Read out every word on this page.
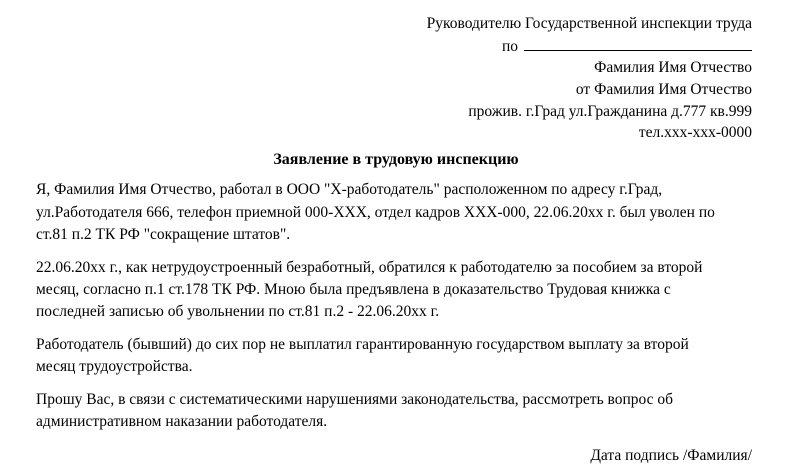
Руководителю Государственной инспекции труда
по
Фамилия Имя Отчество
от Фамилия Имя Отчество
прожив. г.Град ул.Гражданина д.777 кв.999
тел.xxx-xxx-0000
Заявление в трудовую инспекцию
Я, Фамилия Имя Отчество, работал в ООО "Х-работодатель" расположенном по адресу г.Град,
ул.Работодателя 666, телефон приемной 000-XXX, отдел кадров XXX-000, 22.06.20xx г. был уволен по
ст.81 п.2 ТК РФ "сокращение штатов".
22.06.20xx г., как нетрудоустроенный безработный, обратился к работодателю за пособием за второй
месяц, согласно п.1 ст.178 ТК РФ. Мною была предъявлена в доказательство Трудовая книжка с
последней записью об увольнении по ст.81 п.2 - 22.06.20xx г.
Работодатель (бывший) до сих пор не выплатил гарантированную государством выплату за второй
месяц трудоустройства.
Прошу Вас, в связи с систематическими нарушениями законодательства, рассмотреть вопрос об
административном наказании работодателя.
Дата подпись /Фамилия/
